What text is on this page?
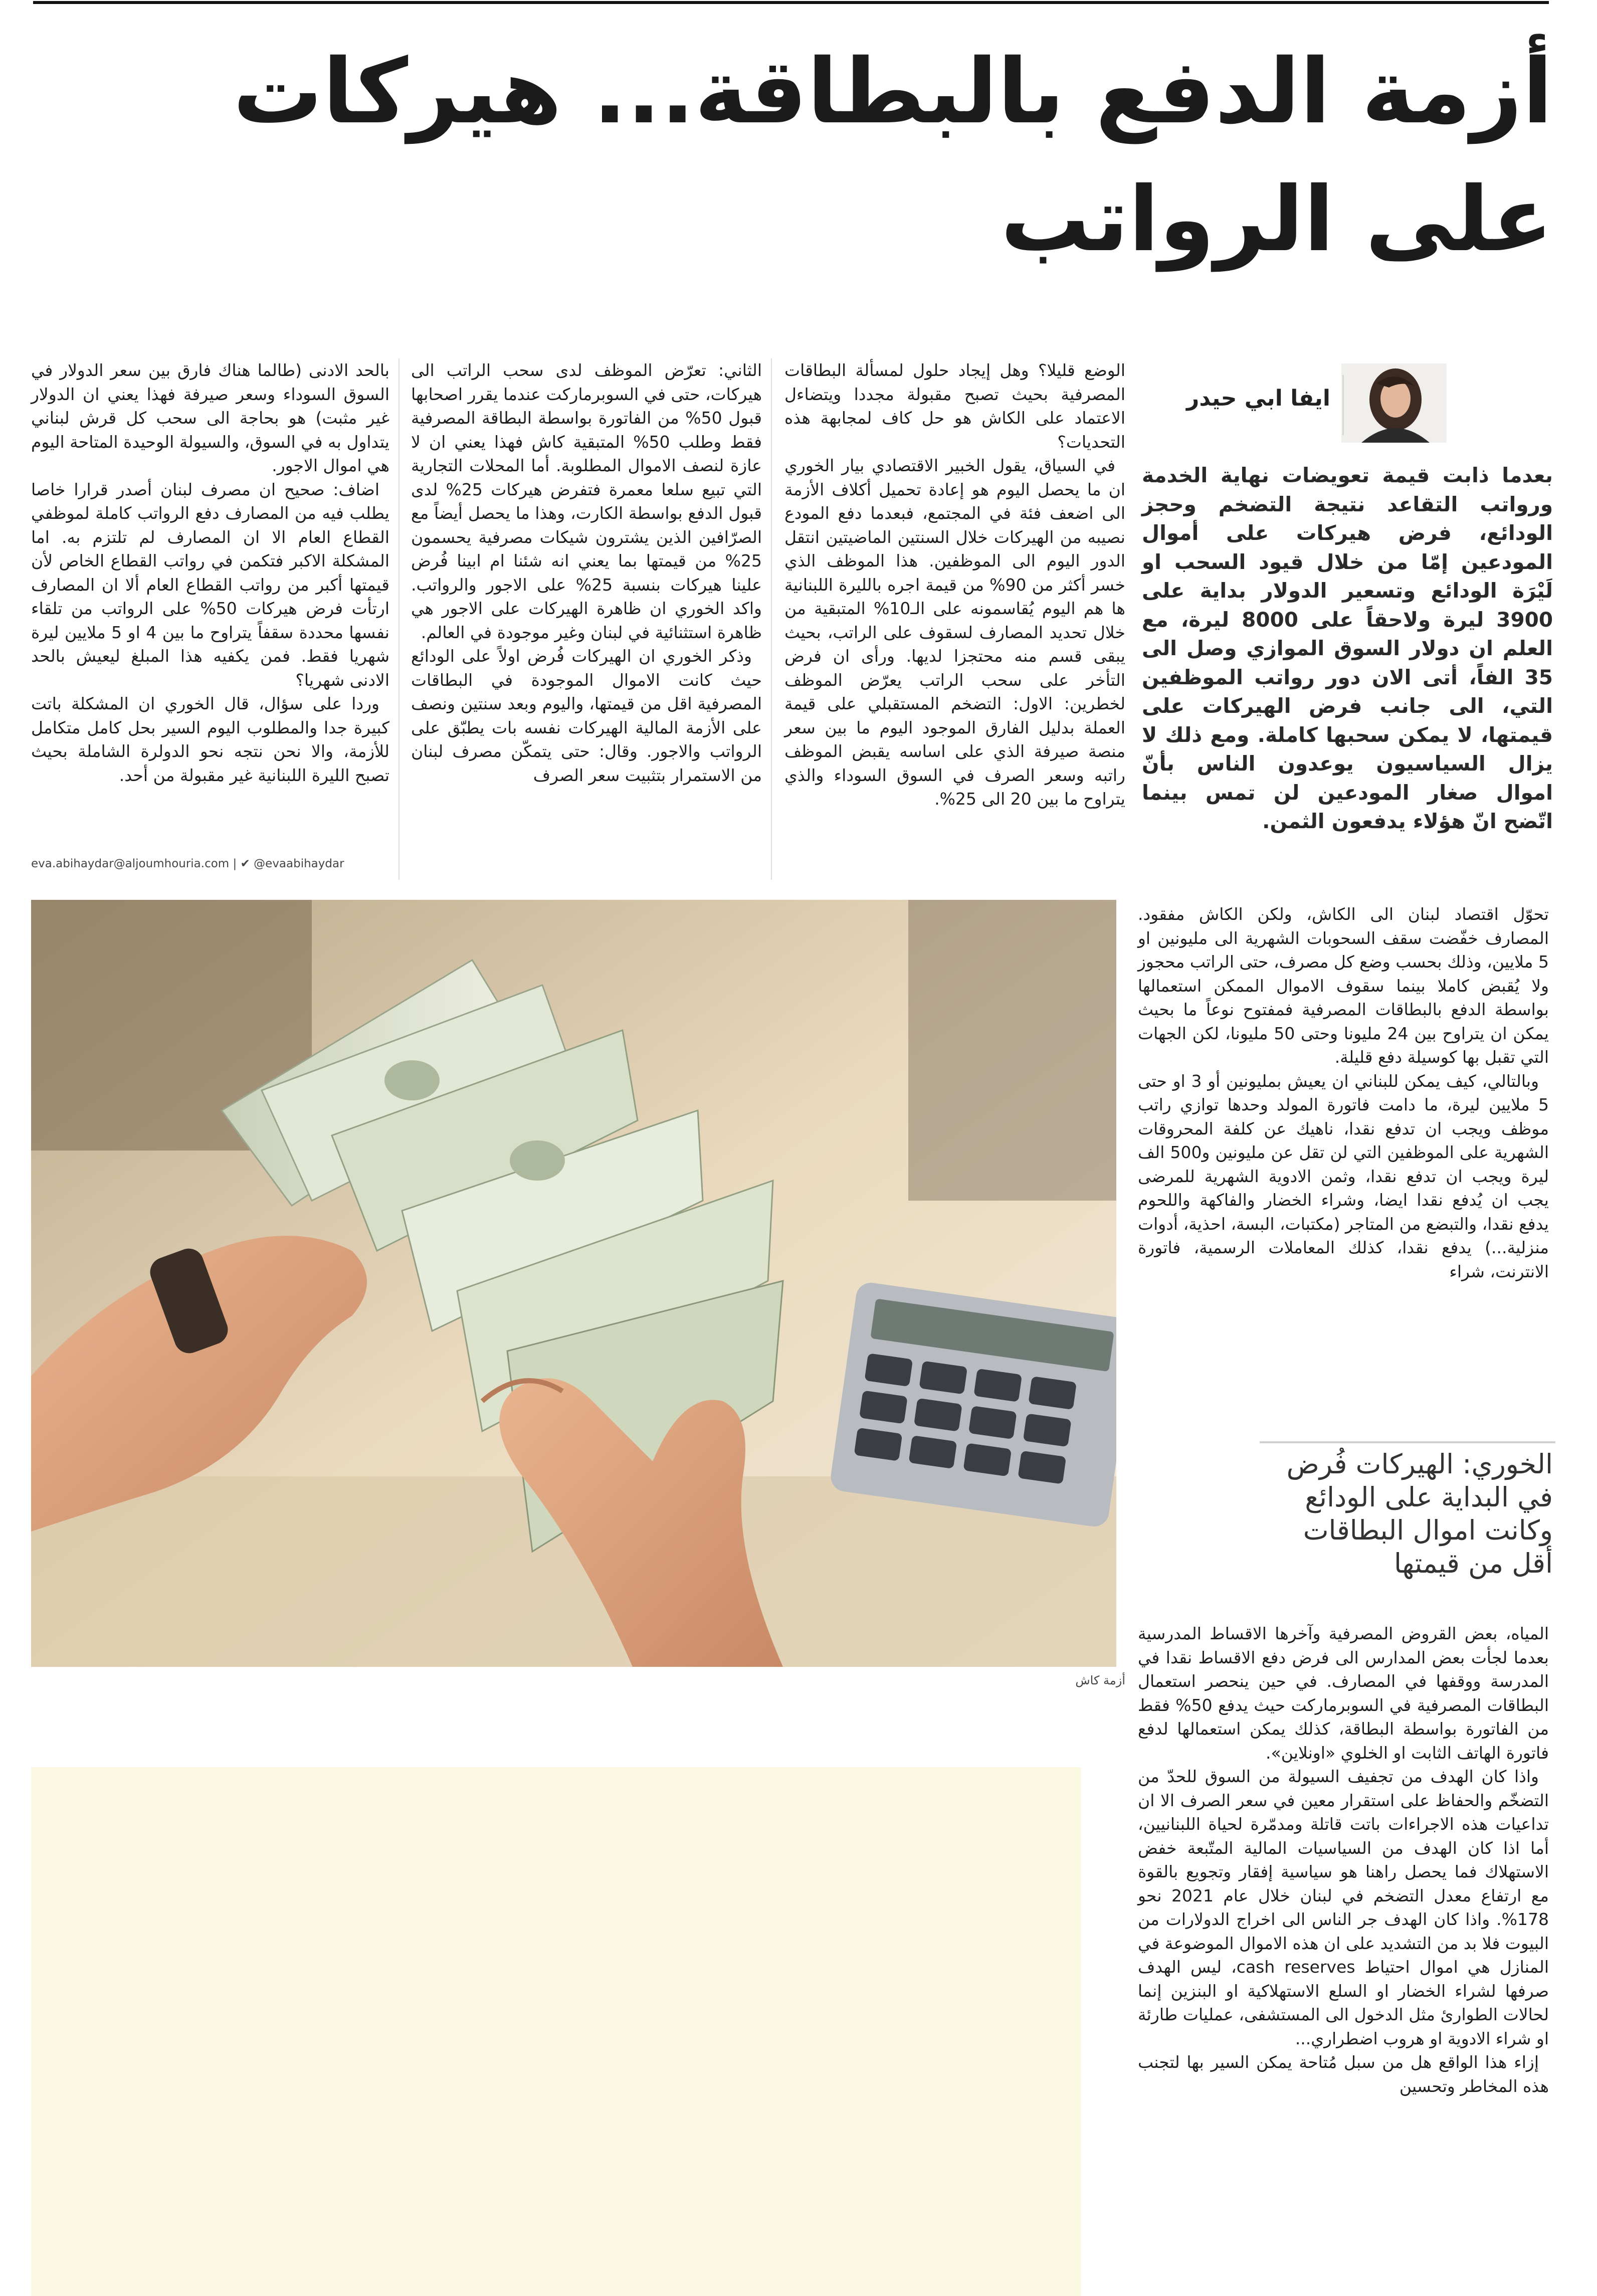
أزمة الدفع بالبطاقة... هيركات
على الرواتب
ايفا ابي حيدر
بعدما ذابت قيمة تعويضات نهاية الخدمة ورواتب التقاعد نتيجة التضخم وحجز الودائع، فرض هيركات على أموال المودعين إمّا من خلال قيود السحب او لَيْرَة الودائع وتسعير الدولار بداية على 3900 ليرة ولاحقاً على 8000 ليرة، مع العلم ان دولار السوق الموازي وصل الى 35 الفاً، أتى الان دور رواتب الموظفين التي، الى جانب فرض الهيركات على قيمتها، لا يمكن سحبها كاملة. ومع ذلك لا يزال السياسيون يوعدون الناس بأنّ اموال صغار المودعين لن تمس بينما اتّضح انّ هؤلاء يدفعون الثمن.

الوضع قليلا؟ وهل إيجاد حلول لمسألة البطاقات المصرفية بحيث تصبح مقبولة مجددا ويتضاءل الاعتماد على الكاش هو حل كاف لمجابهة هذه التحديات؟

في السياق، يقول الخبير الاقتصادي بيار الخوري ان ما يحصل اليوم هو إعادة تحميل أكلاف الأزمة الى اضعف فئة في المجتمع، فبعدما دفع المودع نصيبه من الهيركات خلال السنتين الماضيتين انتقل الدور اليوم الى الموظفين. هذا الموظف الذي خسر أكثر من 90% من قيمة اجره بالليرة اللبنانية ها هم اليوم يُقاسمونه على الـ10% المتبقية من خلال تحديد المصارف لسقوف على الراتب، بحيث يبقى قسم منه محتجزا لديها. ورأى ان فرض التأخر على سحب الراتب يعرّض الموظف لخطرين: الاول: التضخم المستقبلي على قيمة العملة بدليل الفارق الموجود اليوم ما بين سعر منصة صيرفة الذي على اساسه يقبض الموظف راتبه وسعر الصرف في السوق السوداء والذي يتراوح ما بين 20 الى 25%.

الثاني: تعرّض الموظف لدى سحب الراتب الى هيركات، حتى في السوبرماركت عندما يقرر اصحابها قبول 50% من الفاتورة بواسطة البطاقة المصرفية فقط وطلب 50% المتبقية كاش فهذا يعني ان لا عازة لنصف الاموال المطلوبة. أما المحلات التجارية التي تبيع سلعا معمرة فتفرض هيركات 25% لدى قبول الدفع بواسطة الكارت، وهذا ما يحصل أيضاً مع الصرّافين الذين يشترون شيكات مصرفية يحسمون 25% من قيمتها بما يعني انه شئنا ام ابينا فُرض علينا هيركات بنسبة 25% على الاجور والرواتب. واكد الخوري ان ظاهرة الهيركات على الاجور هي ظاهرة استثنائية في لبنان وغير موجودة في العالم.

وذكر الخوري ان الهيركات فُرض اولاً على الودائع حيث كانت الاموال الموجودة في البطاقات المصرفية اقل من قيمتها، واليوم وبعد سنتين ونصف على الأزمة المالية الهيركات نفسه بات يطبّق على الرواتب والاجور. وقال: حتى يتمكّن مصرف لبنان من الاستمرار بتثبيت سعر الصرف

بالحد الادنى (طالما هناك فارق بين سعر الدولار في السوق السوداء وسعر صيرفة فهذا يعني ان الدولار غير مثبت) هو بحاجة الى سحب كل قرش لبناني يتداول به في السوق، والسيولة الوحيدة المتاحة اليوم هي اموال الاجور.

اضاف: صحيح ان مصرف لبنان أصدر قرارا خاصا يطلب فيه من المصارف دفع الرواتب كاملة لموظفي القطاع العام الا ان المصارف لم تلتزم به. اما المشكلة الاكبر فتكمن في رواتب القطاع الخاص لأن قيمتها أكبر من رواتب القطاع العام ألا ان المصارف ارتأت فرض هيركات 50% على الرواتب من تلقاء نفسها محددة سقفاً يتراوح ما بين 4 او 5 ملايين ليرة شهريا فقط. فمن يكفيه هذا المبلغ ليعيش بالحد الادنى شهريا؟

وردا على سؤال، قال الخوري ان المشكلة باتت كبيرة جدا والمطلوب اليوم السير بحل كامل متكامل للأزمة، والا نحن نتجه نحو الدولرة الشاملة بحيث تصبح الليرة اللبنانية غير مقبولة من أحد.

eva.abihaydar@aljoumhouria.com | ✔ @evaabihaydar
أزمة كاش

تحوّل اقتصاد لبنان الى الكاش، ولكن الكاش مفقود. المصارف خفّضت سقف السحوبات الشهرية الى مليونين او 5 ملايين، وذلك بحسب وضع كل مصرف، حتى الراتب محجوز ولا يُقبض كاملا بينما سقوف الاموال الممكن استعمالها بواسطة الدفع بالبطاقات المصرفية فمفتوح نوعاً ما بحيث يمكن ان يتراوح بين 24 مليونا وحتى 50 مليونا، لكن الجهات التي تقبل بها كوسيلة دفع قليلة.

وبالتالي، كيف يمكن للبناني ان يعيش بمليونين أو 3 او حتى 5 ملايين ليرة، ما دامت فاتورة المولد وحدها توازي راتب موظف ويجب ان تدفع نقدا، ناهيك عن كلفة المحروقات الشهرية على الموظفين التي لن تقل عن مليونين و500 الف ليرة ويجب ان تدفع نقدا، وثمن الادوية الشهرية للمرضى يجب ان يُدفع نقدا ايضا، وشراء الخضار والفاكهة واللحوم يدفع نقدا، والتبضع من المتاجر (مكتبات، البسة، احذية، أدوات منزلية...) يدفع نقدا، كذلك المعاملات الرسمية، فاتورة الانترنت، شراء

الخوري: الهيركات فُرض في البداية على الودائع وكانت اموال البطاقات أقل من قيمتها

المياه، بعض القروض المصرفية وآخرها الاقساط المدرسية بعدما لجأت بعض المدارس الى فرض دفع الاقساط نقدا في المدرسة ووقفها في المصارف. في حين ينحصر استعمال البطاقات المصرفية في السوبرماركت حيث يدفع 50% فقط من الفاتورة بواسطة البطاقة، كذلك يمكن استعمالها لدفع فاتورة الهاتف الثابت او الخلوي «اونلاين».

واذا كان الهدف من تجفيف السيولة من السوق للحدّ من التضخّم والحفاظ على استقرار معين في سعر الصرف الا ان تداعيات هذه الاجراءات باتت قاتلة ومدمّرة لحياة اللبنانيين، أما اذا كان الهدف من السياسيات المالية المتّبعة خفض الاستهلاك فما يحصل راهنا هو سياسية إفقار وتجويع بالقوة مع ارتفاع معدل التضخم في لبنان خلال عام 2021 نحو 178%. واذا كان الهدف جر الناس الى اخراج الدولارات من البيوت فلا بد من التشديد على ان هذه الاموال الموضوعة في المنازل هي اموال احتياط cash reserves، ليس الهدف صرفها لشراء الخضار او السلع الاستهلاكية او البنزين إنما لحالات الطوارئ مثل الدخول الى المستشفى، عمليات طارئة او شراء الادوية او هروب اضطراري...

إزاء هذا الواقع هل من سبل مُتاحة يمكن السير بها لتجنب هذه المخاطر وتحسين
